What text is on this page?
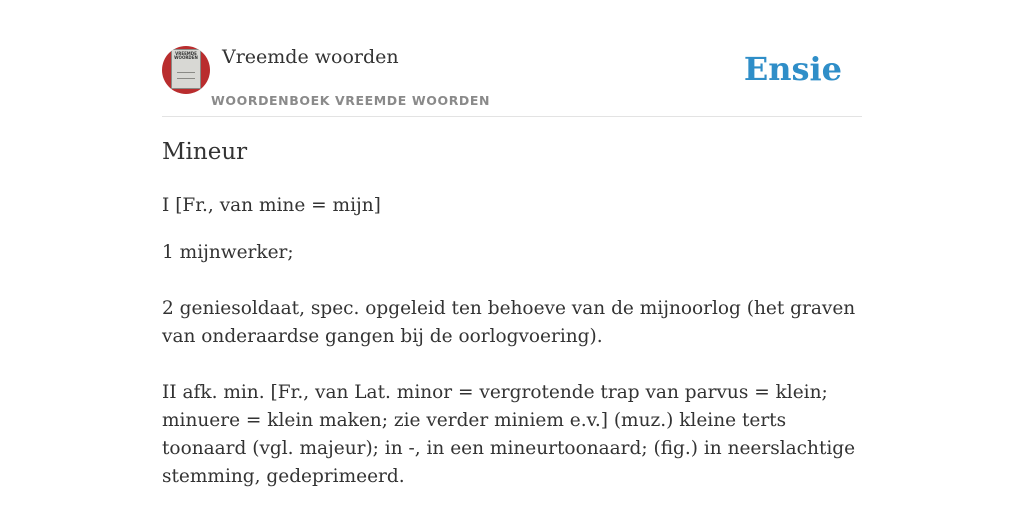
VREEMDE WOORDEN Vreemde woorden
WOORDENBOEK VREEMDE WOORDEN
Ensie
Mineur

I [Fr., van mine = mijn]

1 mijnwerker;

2 geniesoldaat, spec. opgeleid ten behoeve van de mijnoorlog (het graven van onderaardse gangen bij de oorlogvoering).

II afk. min. [Fr., van Lat. minor = vergrotende trap van parvus = klein; minuere = klein maken; zie verder miniem e.v.] (muz.) kleine terts toonaard (vgl. majeur); in -, in een mineurtoonaard; (fig.) in neerslachtige stemming, gedeprimeerd.
